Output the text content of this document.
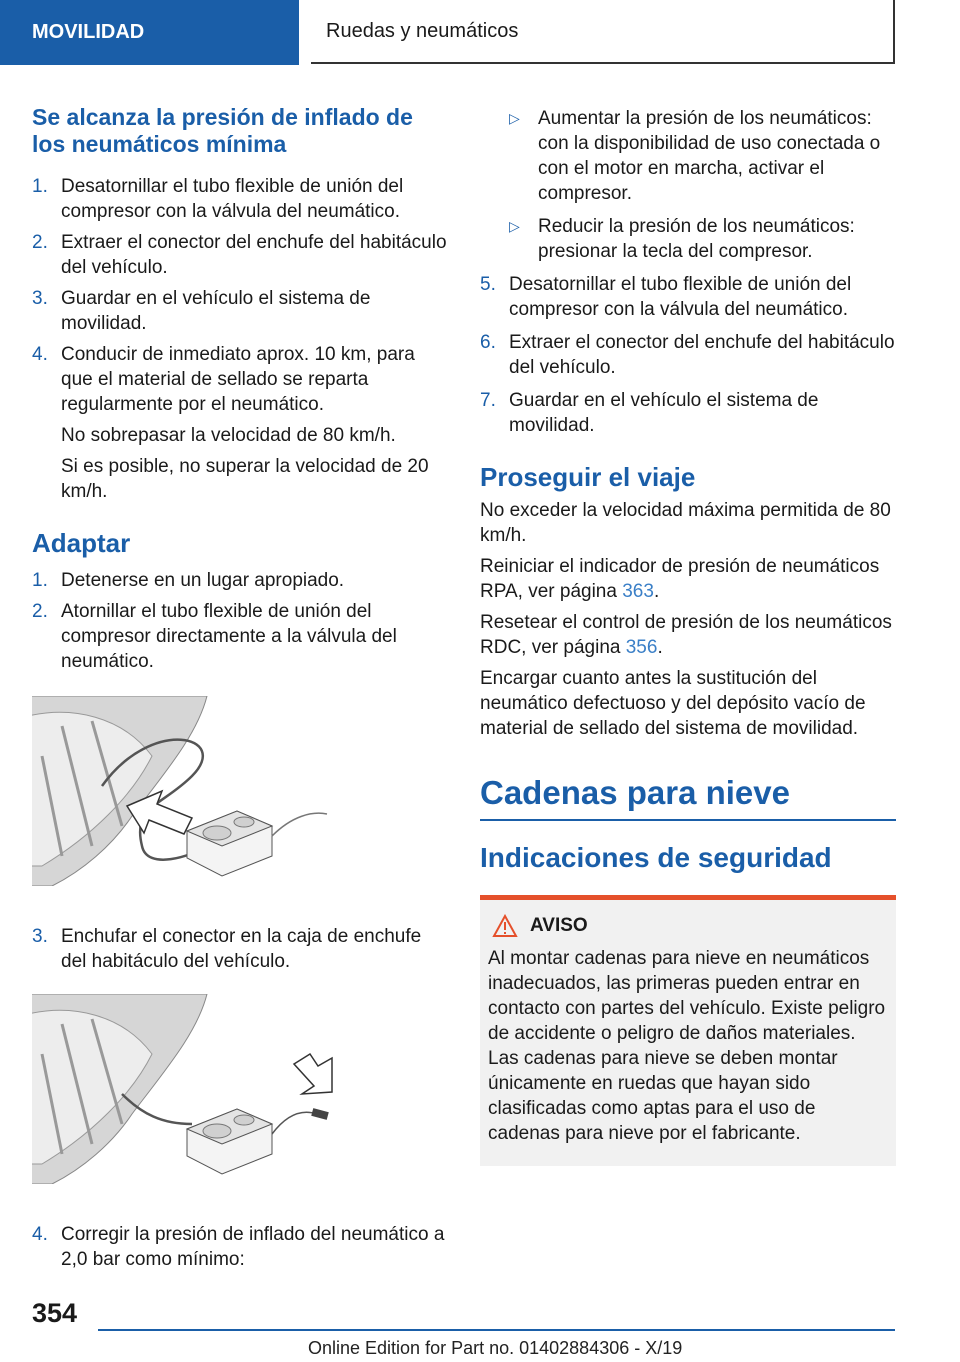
MOVILIDAD	Ruedas y neumáticos
Se alcanza la presión de inflado de los neumáticos mínima
1. Desatornillar el tubo flexible de unión del compresor con la válvula del neumático.
2. Extraer el conector del enchufe del habitáculo del vehículo.
3. Guardar en el vehículo el sistema de movilidad.
4. Conducir de inmediato aprox. 10 km, para que el material de sellado se reparta regularmente por el neumático.

No sobrepasar la velocidad de 80 km/h.

Si es posible, no superar la velocidad de 20 km/h.

Adaptar
1. Detenerse en un lugar apropiado.
2. Atornillar el tubo flexible de unión del compresor directamente a la válvula del neumático.
3. Enchufar el conector en la caja de enchufe del habitáculo del vehículo.
4. Corregir la presión de inflado del neumático a 2,0 bar como mínimo:
▷ Aumentar la presión de los neumáticos: con la disponibilidad de uso conectada o con el motor en marcha, activar el compresor.
▷ Reducir la presión de los neumáticos: presionar la tecla del compresor.
5. Desatornillar el tubo flexible de unión del compresor con la válvula del neumático.
6. Extraer el conector del enchufe del habitáculo del vehículo.
7. Guardar en el vehículo el sistema de movilidad.
Proseguir el viaje

No exceder la velocidad máxima permitida de 80 km/h.

Reiniciar el indicador de presión de neumáticos RPA, ver página 363.

Resetear el control de presión de los neumáticos RDC, ver página 356.

Encargar cuanto antes la sustitución del neumático defectuoso y del depósito vacío de material de sellado del sistema de movilidad.

Cadenas para nieve
Indicaciones de seguridad
AVISO

Al montar cadenas para nieve en neumáticos inadecuados, las primeras pueden entrar en contacto con partes del vehículo. Existe peligro de accidente o peligro de daños materiales. Las cadenas para nieve se deben montar únicamente en ruedas que hayan sido clasificadas como aptas para el uso de cadenas para nieve por el fabricante.

354
Online Edition for Part no. 01402884306 - X/19
